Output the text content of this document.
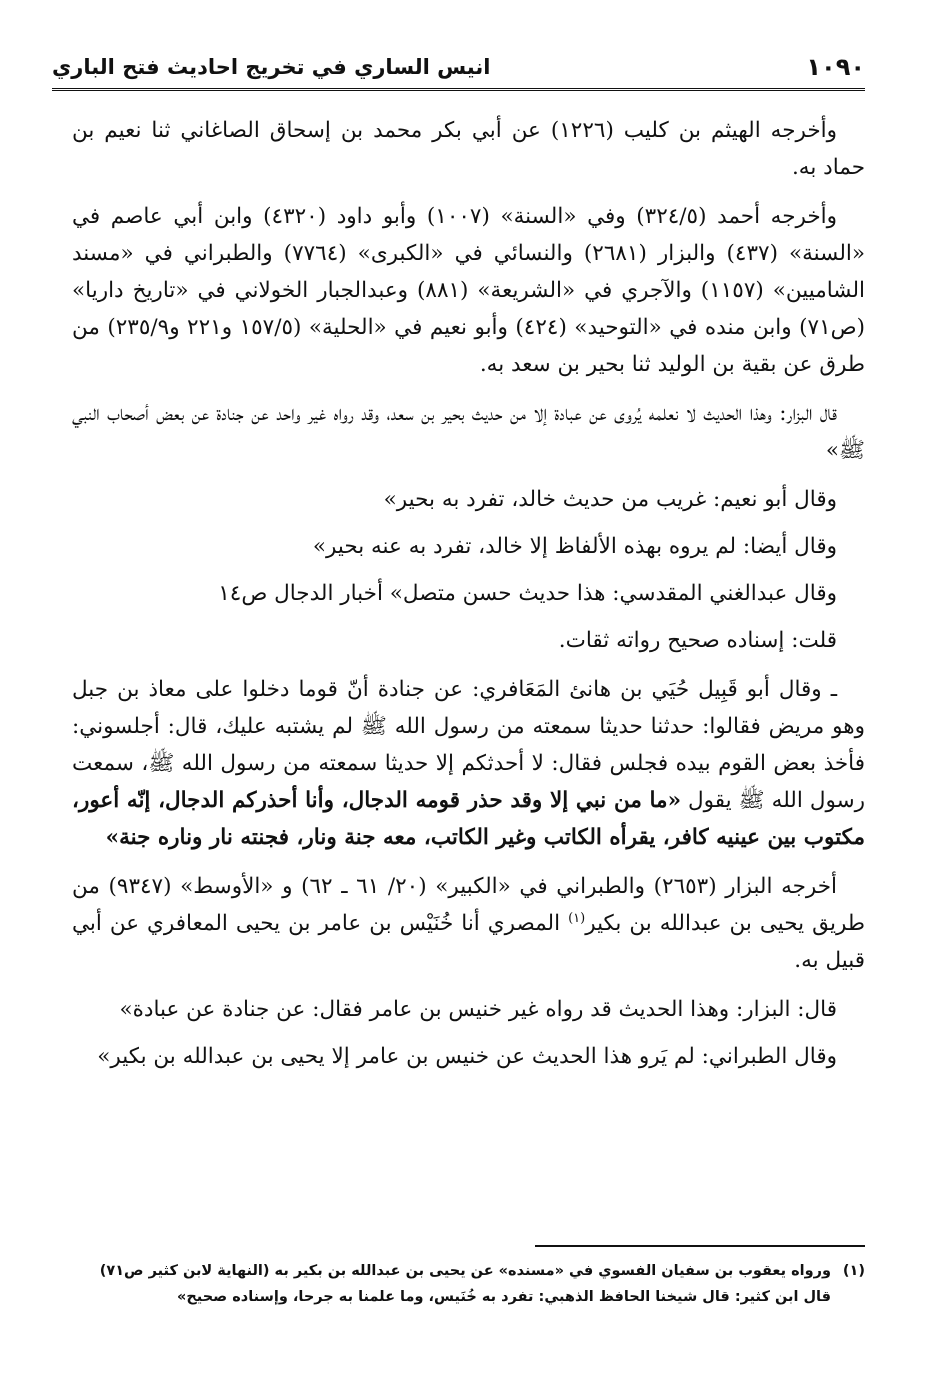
١٠٩٠
انيس الساري في تخريج احاديث فتح الباري

وأخرجه الهيثم بن كليب (١٢٢٦) عن أبي بكر محمد بن إسحاق الصاغاني ثنا نعيم بن حماد به.

وأخرجه أحمد (٣٢٤/٥) وفي «السنة» (١٠٠٧) وأبو داود (٤٣٢٠) وابن أبي عاصم في «السنة» (٤٣٧) والبزار (٢٦٨١) والنسائي في «الكبرى» (٧٧٦٤) والطبراني في «مسند الشاميين» (١١٥٧) والآجري في «الشريعة» (٨٨١) وعبدالجبار الخولاني في «تاريخ داريا» (ص٧١) وابن منده في «التوحيد» (٤٢٤) وأبو نعيم في «الحلية» (١٥٧/٥ و٢٢١ و٢٣٥/٩) من طرق عن بقية بن الوليد ثنا بحير بن سعد به.

قال البزار: وهذا الحديث لا نعلمه يُروى عن عبادة إلا من حديث بحير بن سعد، وقد رواه غير واحد عن جنادة عن بعض أصحاب النبي ﷺ»

وقال أبو نعيم: غريب من حديث خالد، تفرد به بحير»

وقال أيضا: لم يروه بهذه الألفاظ إلا خالد، تفرد به عنه بحير»

وقال عبدالغني المقدسي: هذا حديث حسن متصل» أخبار الدجال ص١٤

قلت: إسناده صحيح رواته ثقات.

ـ وقال أبو قَبِيل حُيَي بن هانئ المَعَافري: عن جنادة أنّ قوما دخلوا على معاذ بن جبل وهو مريض فقالوا: حدثنا حديثا سمعته من رسول الله ﷺ لم يشتبه عليك، قال: أجلسوني: فأخذ بعض القوم بيده فجلس فقال: لا أحدثكم إلا حديثا سمعته من رسول الله ﷺ، سمعت رسول الله ﷺ يقول «ما من نبي إلا وقد حذر قومه الدجال، وأنا أحذركم الدجال، إنّه أعور، مكتوب بين عينيه كافر، يقرأه الكاتب وغير الكاتب، معه جنة ونار، فجنته نار وناره جنة»

أخرجه البزار (٢٦٥٣) والطبراني في «الكبير» (٢٠/ ٦١ ـ ٦٢) و «الأوسط» (٩٣٤٧) من طريق يحيى بن عبدالله بن بكير$^{(١)}$ المصري أنا خُنَيْس بن عامر بن يحيى المعافري عن أبي قبيل به.

قال: البزار: وهذا الحديث قد رواه غير خنيس بن عامر فقال: عن جنادة عن عبادة»

وقال الطبراني: لم يَرو هذا الحديث عن خنيس بن عامر إلا يحيى بن عبدالله بن بكير»

(١)ورواه يعقوب بن سفيان الفسوي في «مسنده» عن يحيى بن عبدالله بن بكير به (النهاية لابن كثير ص٧١)

قال ابن كثير: قال شيخنا الحافظ الذهبي: تفرد به خُنَيس، وما علمنا به جرحا، وإسناده صحيح»
